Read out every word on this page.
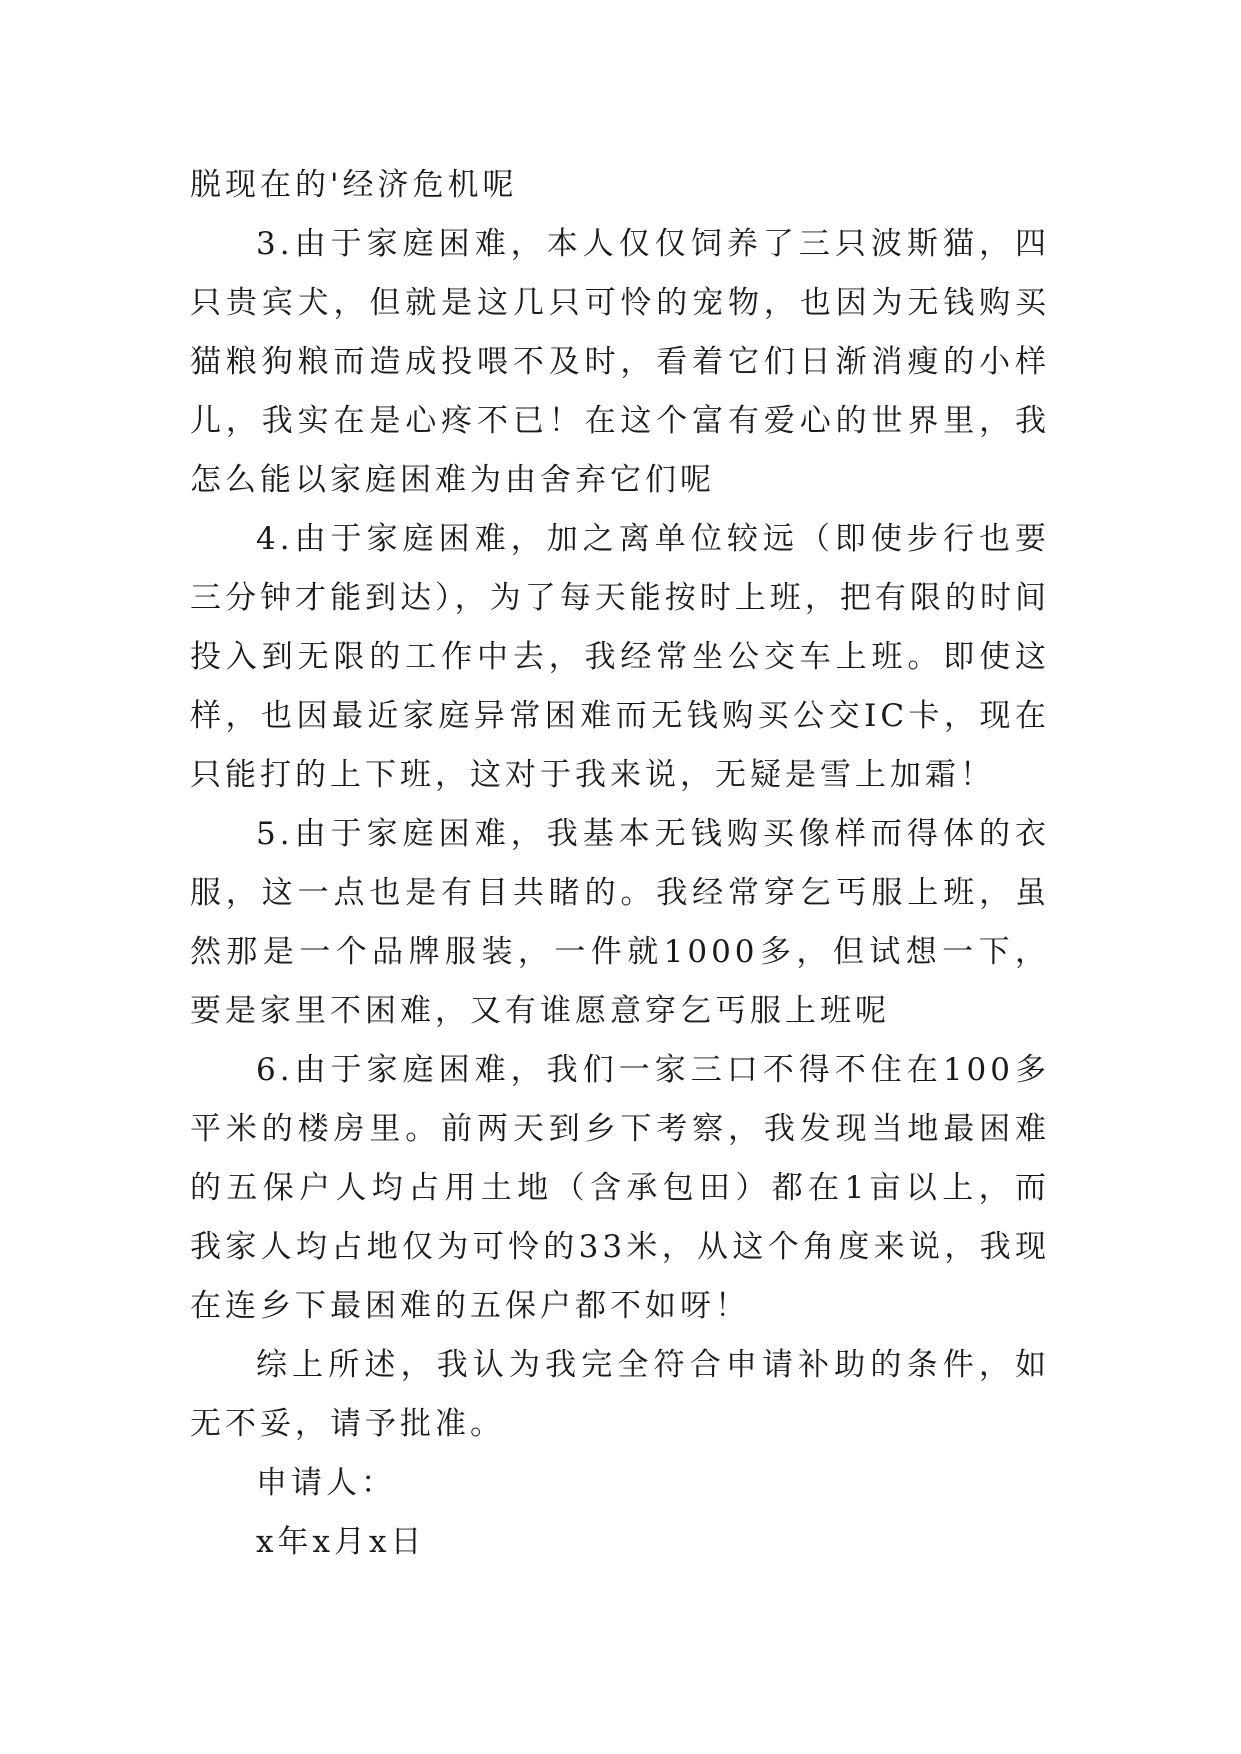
脱现在的'经济危机呢

3.由于家庭困难，本人仅仅饲养了三只波斯猫，四只贵宾犬，但就是这几只可怜的宠物，也因为无钱购买猫粮狗粮而造成投喂不及时，看着它们日渐消瘦的小样儿，我实在是心疼不已！在这个富有爱心的世界里，我怎么能以家庭困难为由舍弃它们呢

4.由于家庭困难，加之离单位较远（即使步行也要三分钟才能到达），为了每天能按时上班，把有限的时间投入到无限的工作中去，我经常坐公交车上班。即使这样，也因最近家庭异常困难而无钱购买公交IC卡，现在只能打的上下班，这对于我来说，无疑是雪上加霜！

5.由于家庭困难，我基本无钱购买像样而得体的衣服，这一点也是有目共睹的。我经常穿乞丐服上班，虽然那是一个品牌服装，一件就1000多，但试想一下，要是家里不困难，又有谁愿意穿乞丐服上班呢

6.由于家庭困难，我们一家三口不得不住在100多平米的楼房里。前两天到乡下考察，我发现当地最困难的五保户人均占用土地（含承包田）都在1亩以上，而我家人均占地仅为可怜的33米，从这个角度来说，我现在连乡下最困难的五保户都不如呀！

综上所述，我认为我完全符合申请补助的条件，如无不妥，请予批准。

申请人：

x年x月x日
